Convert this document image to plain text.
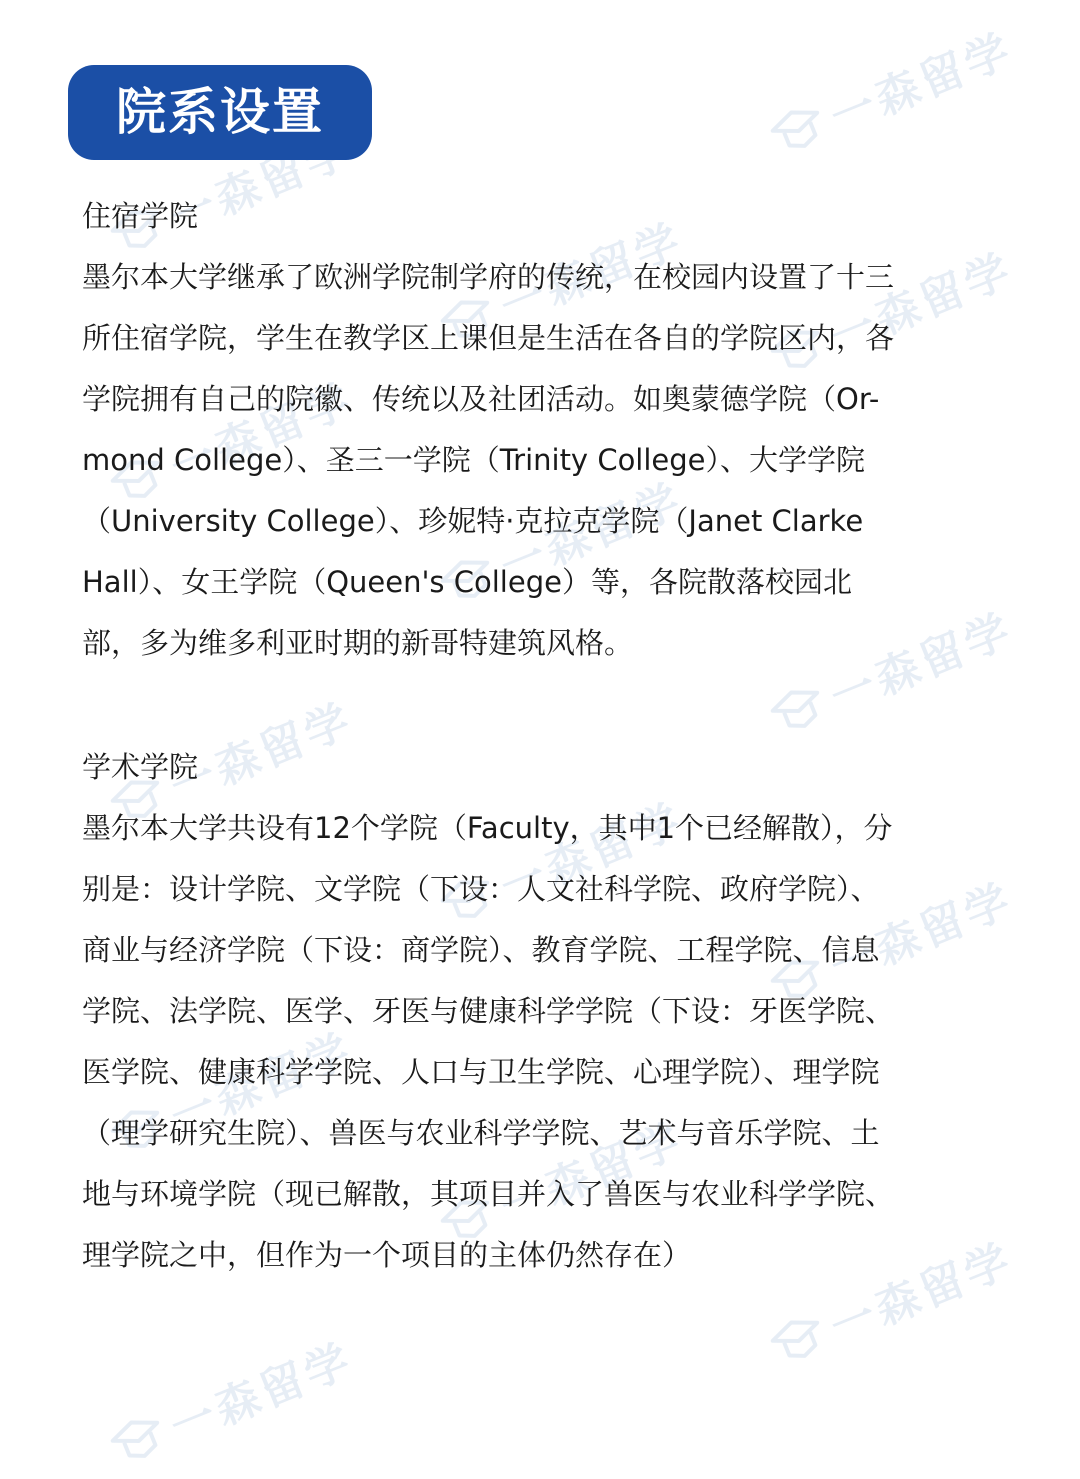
一森留学
一森留学
一森留学	一森留学
一森留学
一森留学
一森留学
一森留学
一森留学
一森留学
一森留学
一森留学
一森留学
一森留学
院系设置
住宿学院

墨尔本大学继承了欧洲学院制学府的传统，在校园内设置了十三

所住宿学院，学生在教学区上课但是生活在各自的学院区内，各

学院拥有自己的院徽、传统以及社团活动。如奥蒙德学院（Or-

mond College）、圣三一学院（Trinity College）、大学学院

（University College）、珍妮特·克拉克学院（Janet Clarke

Hall）、女王学院（Queen's College）等，各院散落校园北

部，多为维多利亚时期的新哥特建筑风格。

学术学院

墨尔本大学共设有12个学院（Faculty，其中1个已经解散），分

别是：设计学院、文学院（下设：人文社科学院、政府学院）、

商业与经济学院（下设：商学院）、教育学院、工程学院、信息

学院、法学院、医学、牙医与健康科学学院（下设：牙医学院、

医学院、健康科学学院、人口与卫生学院、心理学院）、理学院

（理学研究生院）、兽医与农业科学学院、艺术与音乐学院、土

地与环境学院（现已解散，其项目并入了兽医与农业科学学院、

理学院之中，但作为一个项目的主体仍然存在）
